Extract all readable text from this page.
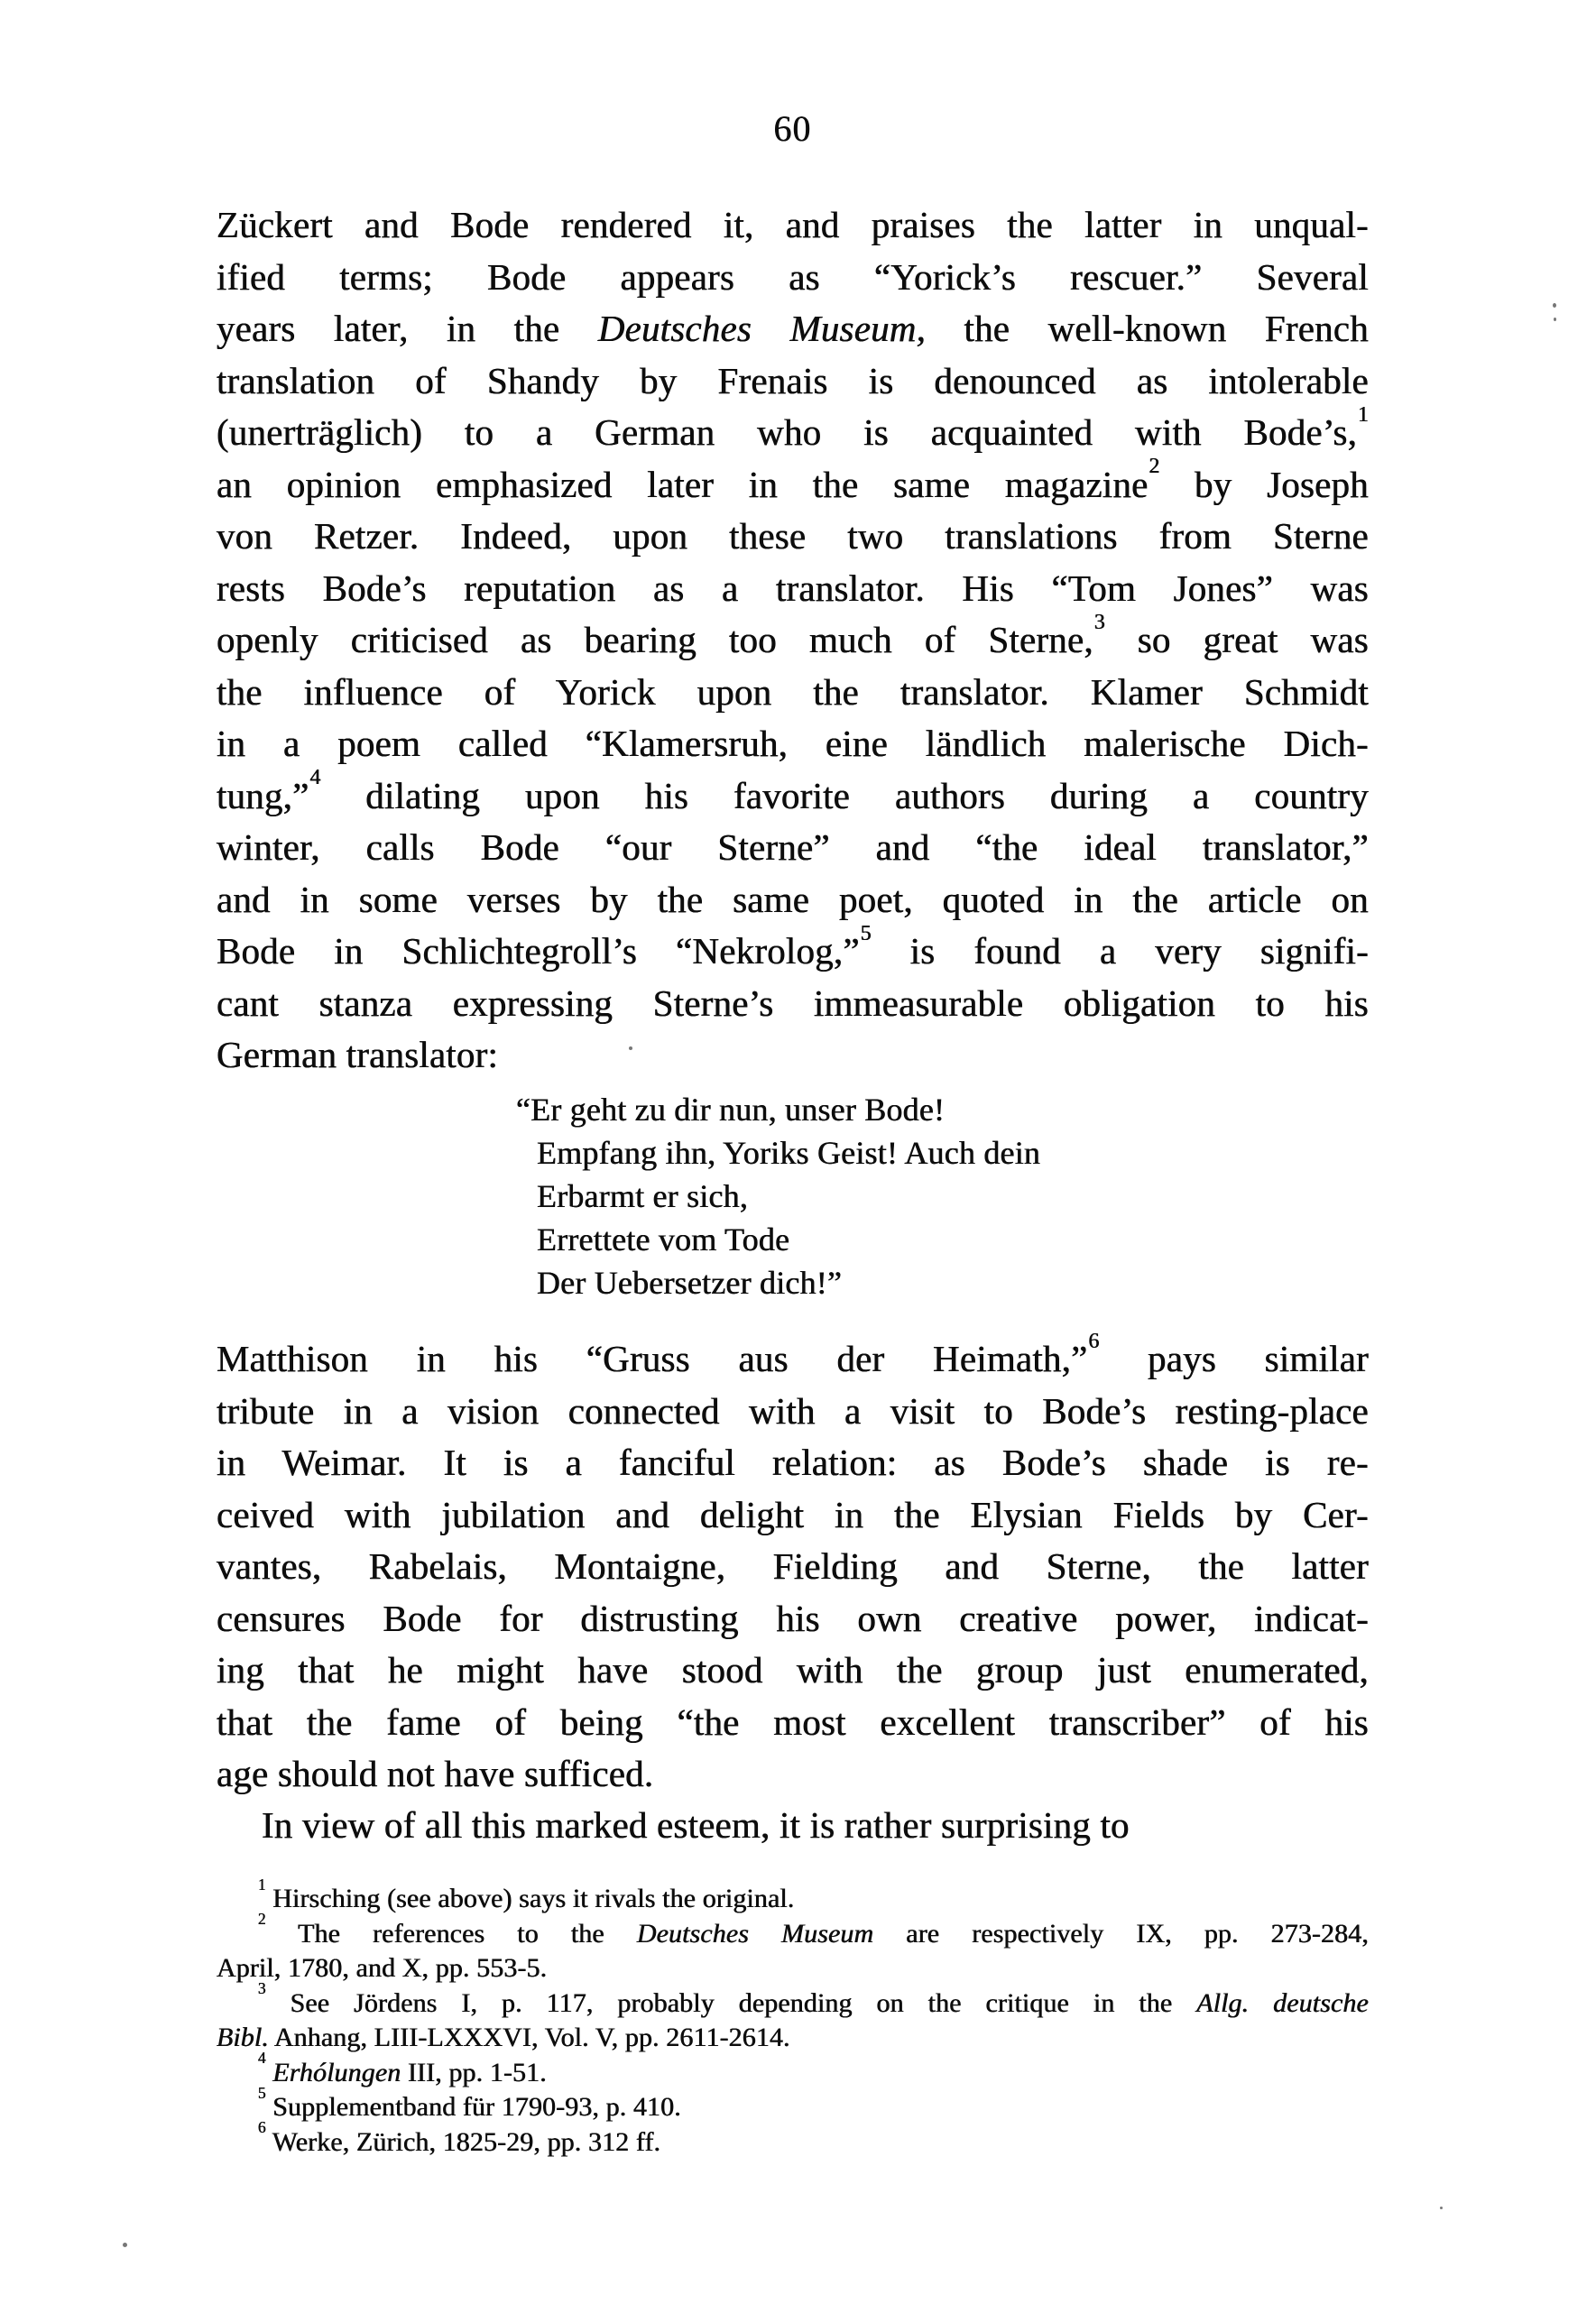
60
Zückert and Bode rendered it, and praises the latter in unqual-
ified terms; Bode appears as “Yorick’s rescuer.” Several
years later, in the Deutsches Museum, the well-known French
translation of Shandy by Frenais is denounced as intolerable
(unerträglich) to a German who is acquainted with Bode’s,$^1$
an opinion emphasized later in the same magazine$^2$ by Joseph
von Retzer. Indeed, upon these two translations from Sterne
rests Bode’s reputation as a translator. His “Tom Jones” was
openly criticised as bearing too much of Sterne,$^3$ so great was
the influence of Yorick upon the translator. Klamer Schmidt
in a poem called “Klamersruh, eine ländlich malerische Dich-
tung,”$^4$ dilating upon his favorite authors during a country
winter, calls Bode “our Sterne” and “the ideal translator,”
and in some verses by the same poet, quoted in the article on
Bode in Schlichtegroll’s “Nekrolog,”$^5$ is found a very signifi-
cant stanza expressing Sterne’s immeasurable obligation to his
German translator:
“Er geht zu dir nun, unser Bode!
Empfang ihn, Yoriks Geist! Auch dein
Erbarmt er sich,
Errettete vom Tode
Der Uebersetzer dich!”
Matthison in his “Gruss aus der Heimath,”$^6$ pays similar
tribute in a vision connected with a visit to Bode’s resting-place
in Weimar. It is a fanciful relation: as Bode’s shade is re-
ceived with jubilation and delight in the Elysian Fields by Cer-
vantes, Rabelais, Montaigne, Fielding and Sterne, the latter
censures Bode for distrusting his own creative power, indicat-
ing that he might have stood with the group just enumerated,
that the fame of being “the most excellent transcriber” of his
age should not have sufficed.
In view of all this marked esteem, it is rather surprising to
$^1$ Hirsching (see above) says it rivals the original.
$^2$ The references to the Deutsches Museum are respectively IX, pp. 273-284,
April, 1780, and X, pp. 553-5.
$^3$ See Jördens I, p. 117, probably depending on the critique in the Allg. deutsche
Bibl. Anhang, LIII-LXXXVI, Vol. V, pp. 2611-2614.
$^4$ Erhólungen III, pp. 1-51.
$^5$ Supplementband für 1790-93, p. 410.
$^6$ Werke, Zürich, 1825-29, pp. 312 ff.
